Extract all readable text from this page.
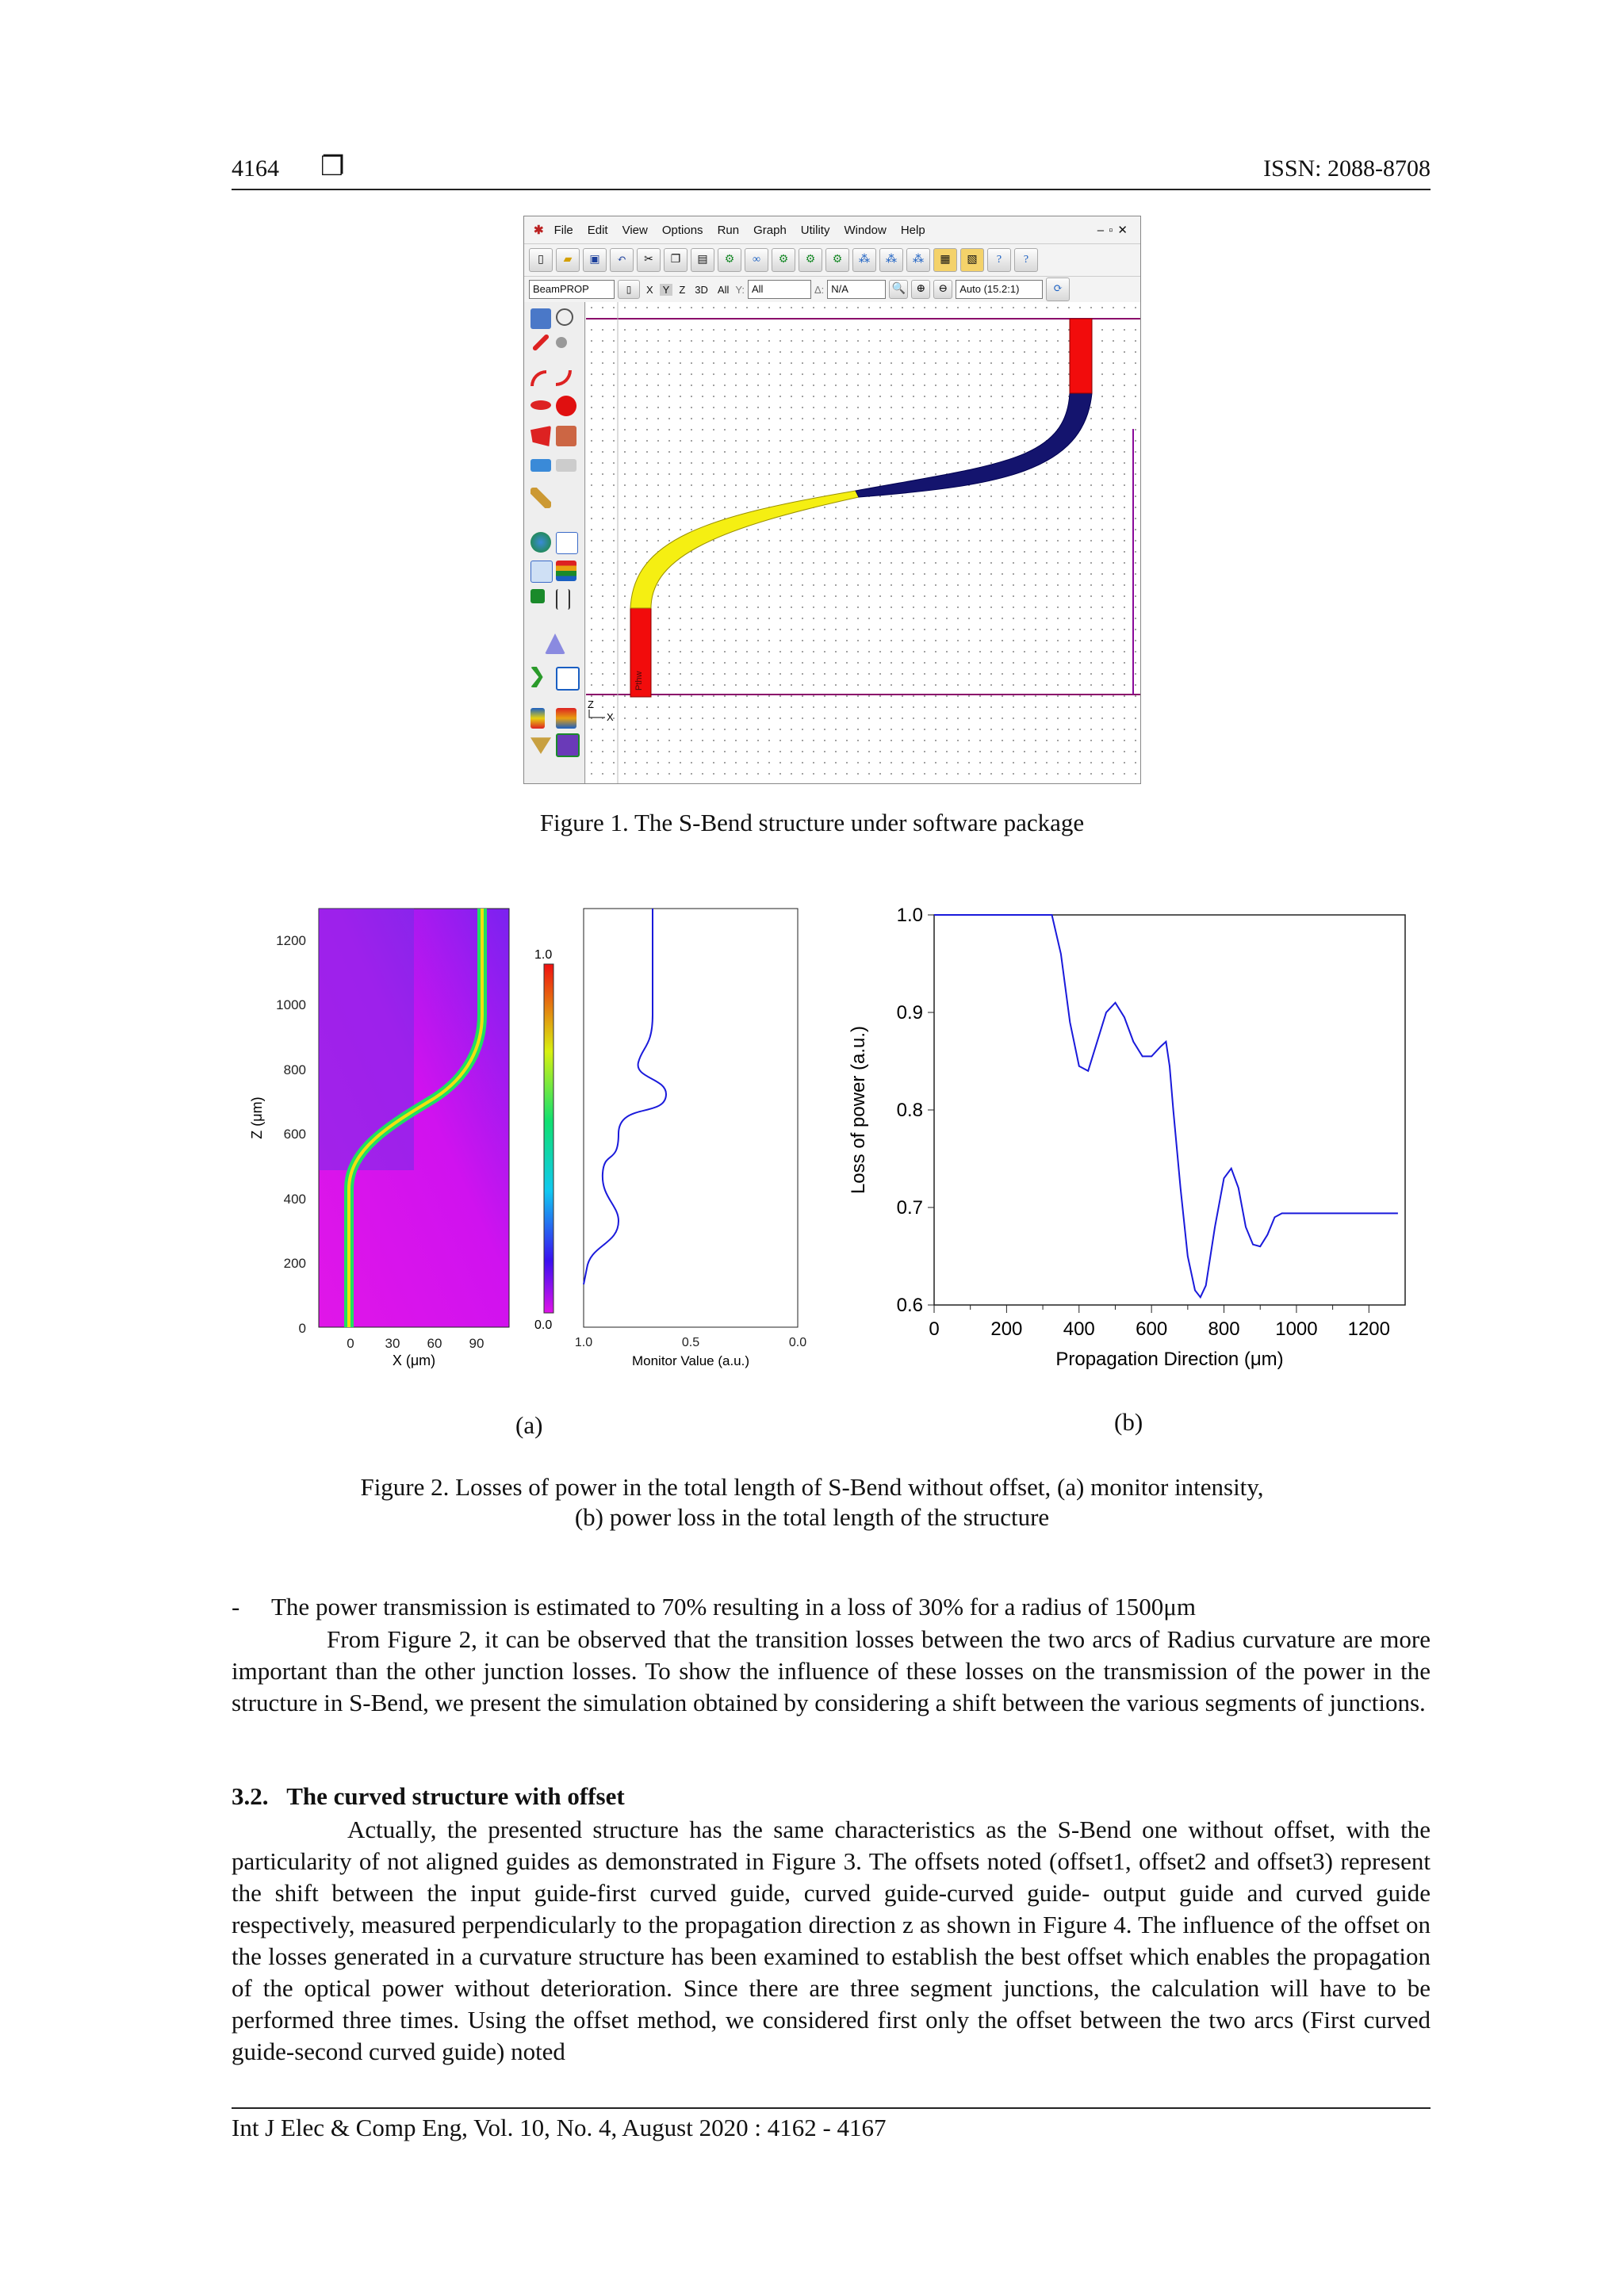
4164 ❐	ISSN: 2088-8708
✱ File	Edit	View	Options	Run	Graph	Utility	Window	Help	–▫✕
▯	▰	▣	↶	✂	❐	▤	⚙	∞	⚙	⚙	⚙	⁂	⁂	⁂	▦	▧	?	?
BeamPROP	▯	X Y Z 3D All Y: All	Δ: N/A	🔍 ⊕	⊖	Auto (15.2:1)	⟳
Pthw
Z
X
Figure 1. The S-Bend structure under software package
0
200
400
600
800
1000
1200
Z (μm)
0 30 60 90
X (μm)
1.0
0.0
1.0	0.5	0.0
Monitor Value (a.u.)
(a)
0.6
0.7
0.8
0.9
1.0
0	200 400 600 800 1000 1200
Loss of power (a.u.)
Propagation Direction (μm)
(b)
Figure 2. Losses of power in the total length of S-Bend without offset, (a) monitor intensity,
(b) power loss in the total length of the structure
- The power transmission is estimated to 70% resulting in a loss of 30% for a radius of 1500μm
From Figure 2, it can be observed that the transition losses between the two arcs of Radius curvature are more important than the other junction losses. To show the influence of these losses on the transmission of the power in the structure in S-Bend, we present the simulation obtained by considering a shift between the various segments of junctions.
3.2.   The curved structure with offset
Actually, the presented structure has the same characteristics as the S-Bend one without offset, with the particularity of not aligned guides as demonstrated in Figure 3. The offsets noted (offset1, offset2 and offset3) represent the shift between the input guide-first curved guide, curved guide-curved guide- output guide and curved guide respectively, measured perpendicularly to the propagation direction z as shown in Figure 4. The influence of the offset on the losses generated in a curvature structure has been examined to establish the best offset which enables the propagation of the optical power without deterioration. Since there are three segment junctions, the calculation will have to be performed three times. Using the offset method, we considered first only the offset between the two arcs (First curved guide-second curved guide) noted
Int J Elec & Comp Eng, Vol. 10, No. 4, August 2020 : 4162 - 4167
